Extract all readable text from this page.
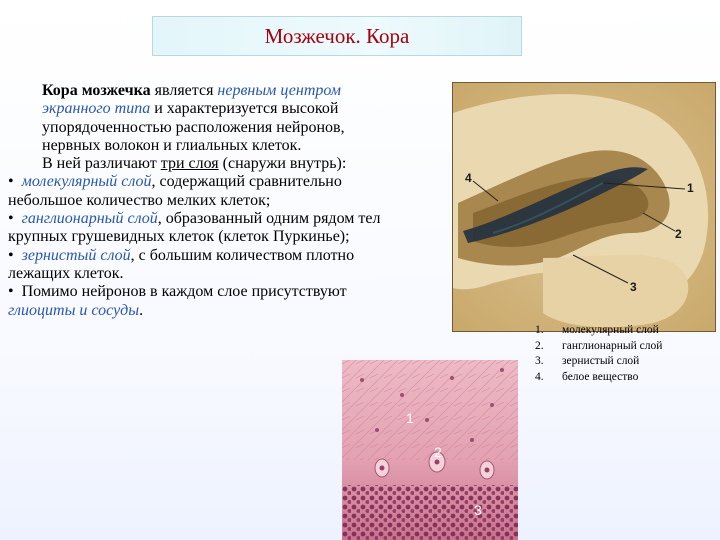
Мозжечок. Кора

Кора мозжечка является нервным центром экранного типа и характеризуется высокой упорядоченностью расположения нейронов, нервных волокон и глиальных клеток.

В ней различают три слоя (снаружи внутрь):

• молекулярный слой, содержащий сравнительно небольшое количество мелких клеток;

• ганглионарный слой, образованный одним рядом тел крупных грушевидных клеток (клеток Пуркинье);

• зернистый слой, с большим количеством плотно лежащих клеток.

• Помимо нейронов в каждом слое присутствуют глиоциты и сосуды.

4
1
2
3
1.	молекулярный слой
2.	ганглионарный слой
3.	зернистый слой
4.	белое вещество
1
2
3
